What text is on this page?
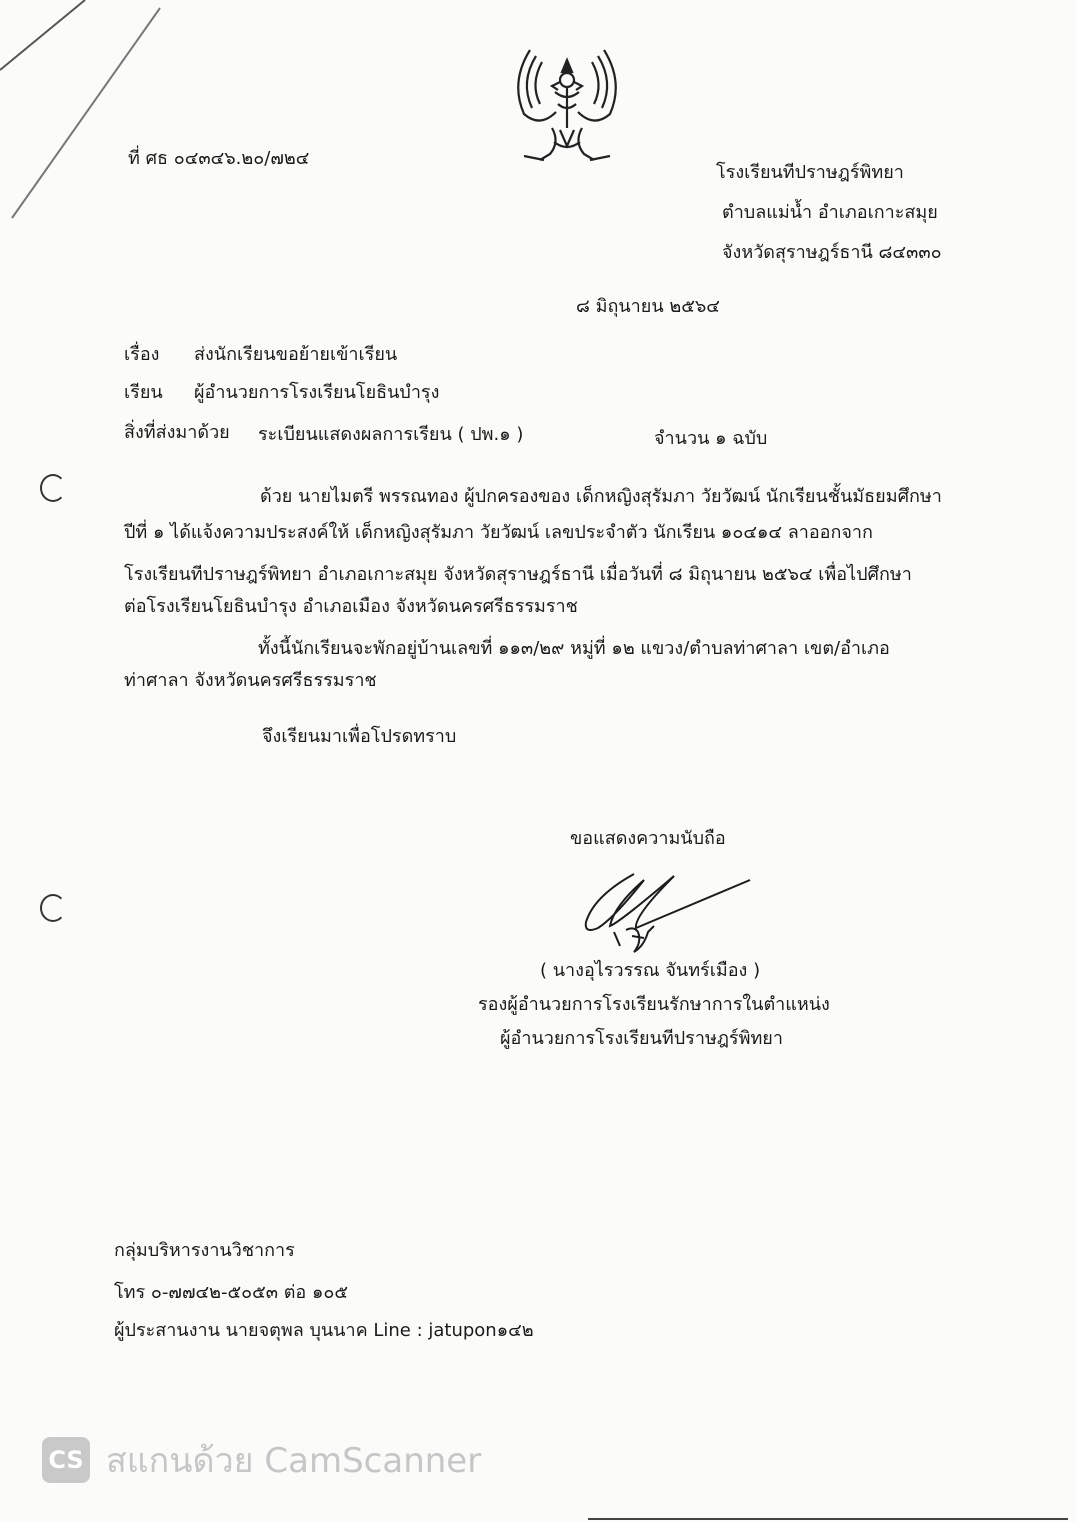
ที่ ศธ ๐๔๓๔๖.๒๐/๗๒๔
โรงเรียนทีปราษฎร์พิทยา
ตำบลแม่น้ำ อำเภอเกาะสมุย
จังหวัดสุราษฎร์ธานี ๘๔๓๓๐
๘ มิถุนายน ๒๕๖๔
เรื่อง ส่งนักเรียนขอย้ายเข้าเรียน
เรียน ผู้อำนวยการโรงเรียนโยธินบำรุง
สิ่งที่ส่งมาด้วย ระเบียนแสดงผลการเรียน ( ปพ.๑ )	จำนวน ๑ ฉบับ
ด้วย นายไมตรี พรรณทอง ผู้ปกครองของ เด็กหญิงสุรัมภา วัยวัฒน์ นักเรียนชั้นมัธยมศึกษา
ปีที่ ๑ ได้แจ้งความประสงค์ให้ เด็กหญิงสุรัมภา วัยวัฒน์ เลขประจำตัว นักเรียน ๑๐๔๑๔ ลาออกจาก
โรงเรียนทีปราษฎร์พิทยา อำเภอเกาะสมุย จังหวัดสุราษฎร์ธานี เมื่อวันที่ ๘ มิถุนายน ๒๕๖๔ เพื่อไปศึกษา
ต่อโรงเรียนโยธินบำรุง อำเภอเมือง จังหวัดนครศรีธรรมราช
ทั้งนี้นักเรียนจะพักอยู่บ้านเลขที่ ๑๑๓/๒๙ หมู่ที่ ๑๒ แขวง/ตำบลท่าศาลา เขต/อำเภอ
ท่าศาลา จังหวัดนครศรีธรรมราช
จึงเรียนมาเพื่อโปรดทราบ
ขอแสดงความนับถือ
( นางอุไรวรรณ จันทร์เมือง )
รองผู้อำนวยการโรงเรียนรักษาการในตำแหน่ง
ผู้อำนวยการโรงเรียนทีปราษฎร์พิทยา
กลุ่มบริหารงานวิชาการ
โทร ๐-๗๗๔๒-๕๐๕๓ ต่อ ๑๐๕
ผู้ประสานงาน นายจตุพล บุนนาค Line : jatupon๑๔๒
CS สแกนด้วย CamScanner
